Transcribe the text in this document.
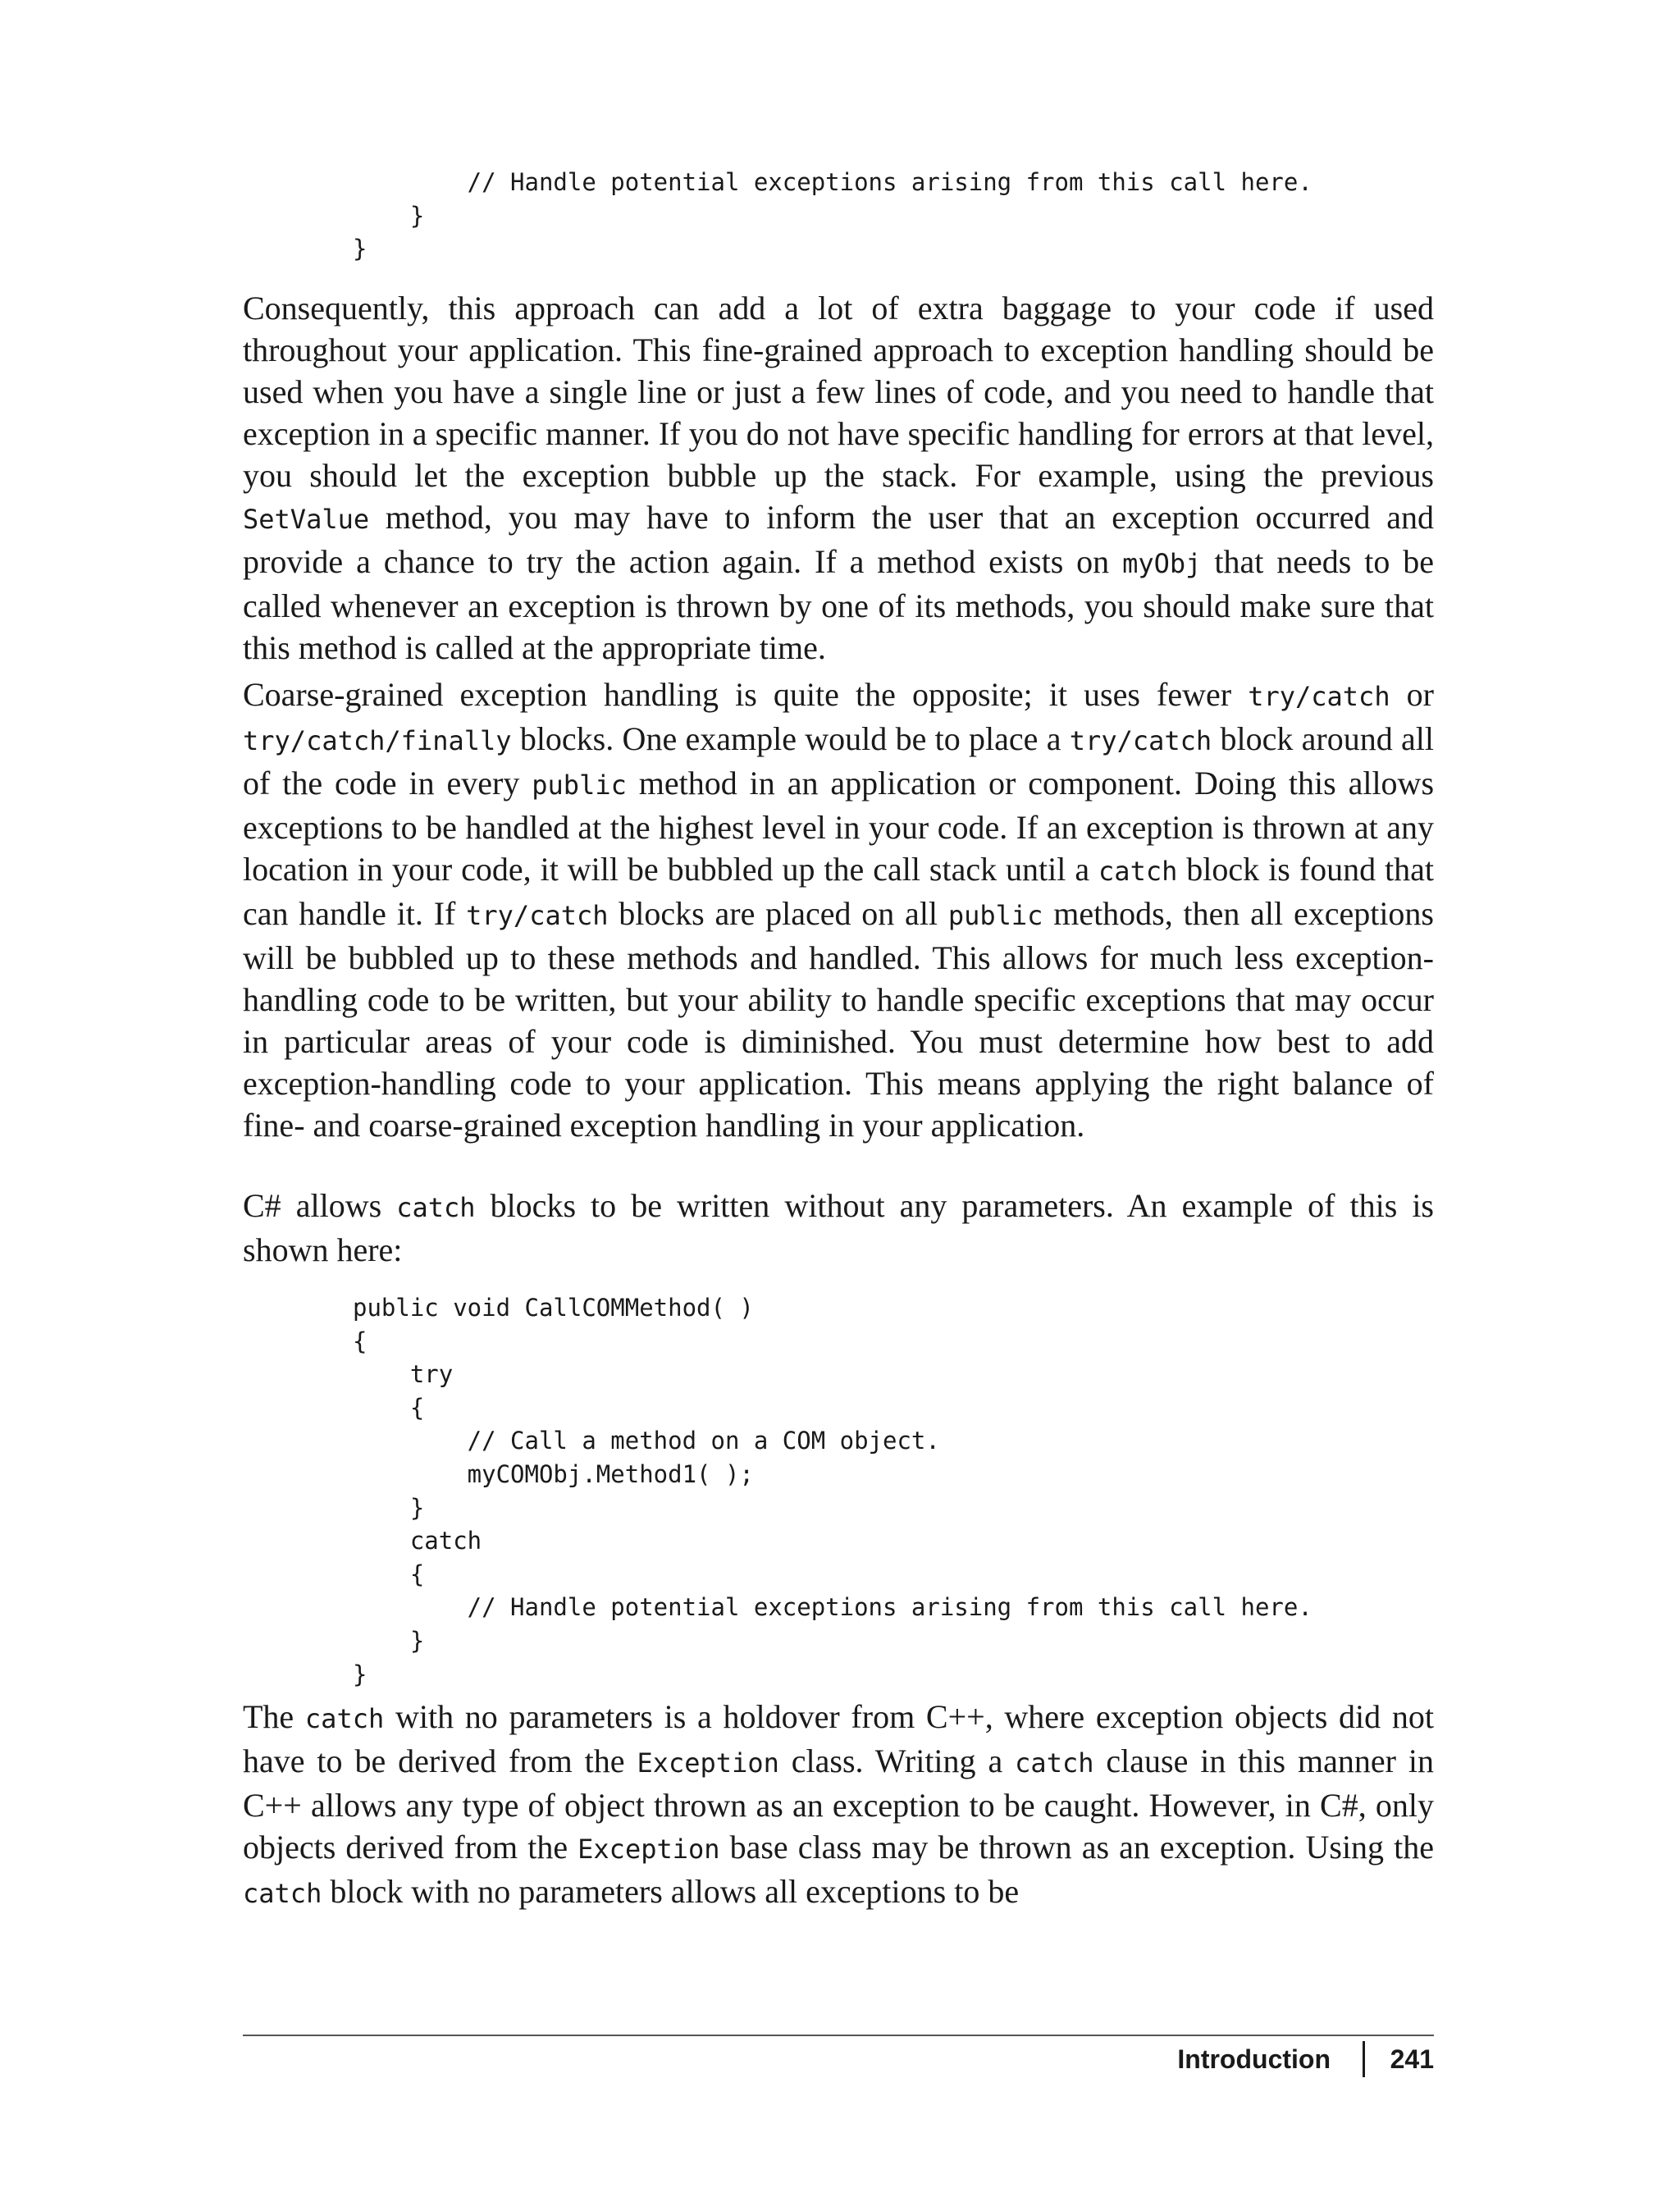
// Handle potential exceptions arising from this call here.
}
}

Consequently, this approach can add a lot of extra baggage to your code if used throughout your application. This fine-grained approach to exception handling should be used when you have a single line or just a few lines of code, and you need to handle that exception in a specific manner. If you do not have specific handling for errors at that level, you should let the exception bubble up the stack. For example, using the previous SetValue method, you may have to inform the user that an exception occurred and provide a chance to try the action again. If a method exists on myObj that needs to be called whenever an exception is thrown by one of its methods, you should make sure that this method is called at the appropriate time.

Coarse-grained exception handling is quite the opposite; it uses fewer try/catch or try/catch/finally blocks. One example would be to place a try/catch block around all of the code in every public method in an application or component. Doing this allows exceptions to be handled at the highest level in your code. If an exception is thrown at any location in your code, it will be bubbled up the call stack until a catch block is found that can handle it. If try/catch blocks are placed on all public methods, then all exceptions will be bubbled up to these methods and handled. This allows for much less exception-handling code to be written, but your ability to handle specific exceptions that may occur in particular areas of your code is diminished. You must determine how best to add exception-handling code to your application. This means applying the right balance of fine- and coarse-grained exception handling in your application.

C# allows catch blocks to be written without any parameters. An example of this is shown here:

public void CallCOMMethod( )
{
try
{
// Call a method on a COM object.
myCOMObj.Method1( );
}
catch
{
// Handle potential exceptions arising from this call here.
}
}

The catch with no parameters is a holdover from C++, where exception objects did not have to be derived from the Exception class. Writing a catch clause in this manner in C++ allows any type of object thrown as an exception to be caught. However, in C#, only objects derived from the Exception base class may be thrown as an exception. Using the catch block with no parameters allows all exceptions to be

Introduction 241
